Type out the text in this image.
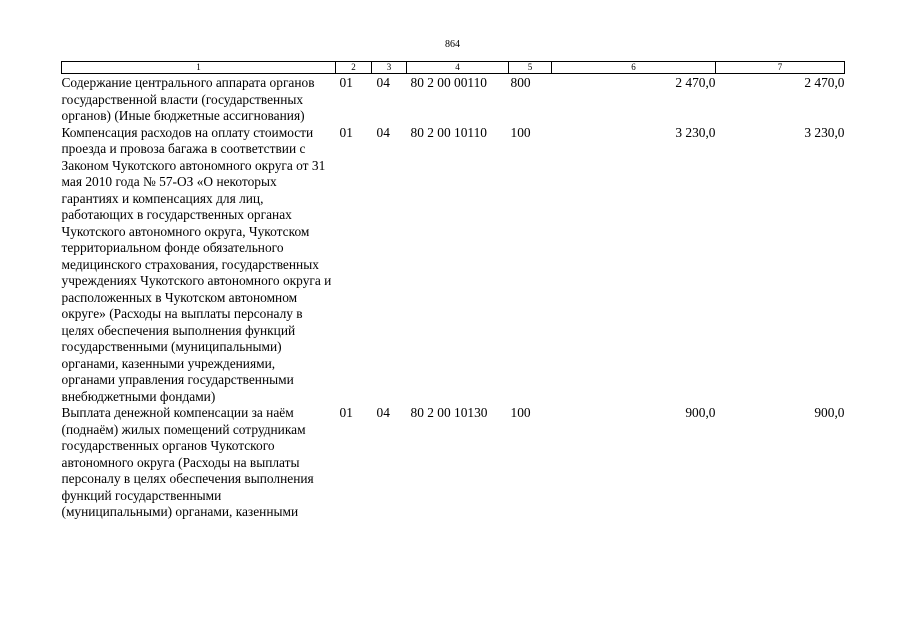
864
1	2	3	4	5	6	7
Содержание центрального аппарата органов государственной власти (государственных органов) (Иные бюджетные ассигнования)	01	04	80 2 00 00110	800	2 470,0	2 470,0
Компенсация расходов на оплату стоимости проезда и провоза багажа в соответствии с Законом Чукотского автономного округа от 31 мая 2010 года № 57-ОЗ «О некоторых гарантиях и компенсациях для лиц, работающих в государственных органах Чукотского автономного округа, Чукотском территориальном фонде обязательного медицинского страхования, государственных учреждениях Чукотского автономного округа и расположенных в Чукотском автономном округе» (Расходы на выплаты персоналу в целях обеспечения выполнения функций государственными (муниципальными) органами, казенными учреждениями, органами управления государственными внебюджетными фондами)	01	04	80 2 00 10110	100	3 230,0	3 230,0
Выплата денежной компенсации за наём (поднаём) жилых помещений сотрудникам государственных органов Чукотского автономного округа (Расходы на выплаты персоналу в целях обеспечения выполнения функций государственными (муниципальными) органами, казенными	01	04	80 2 00 10130	100	900,0	900,0
